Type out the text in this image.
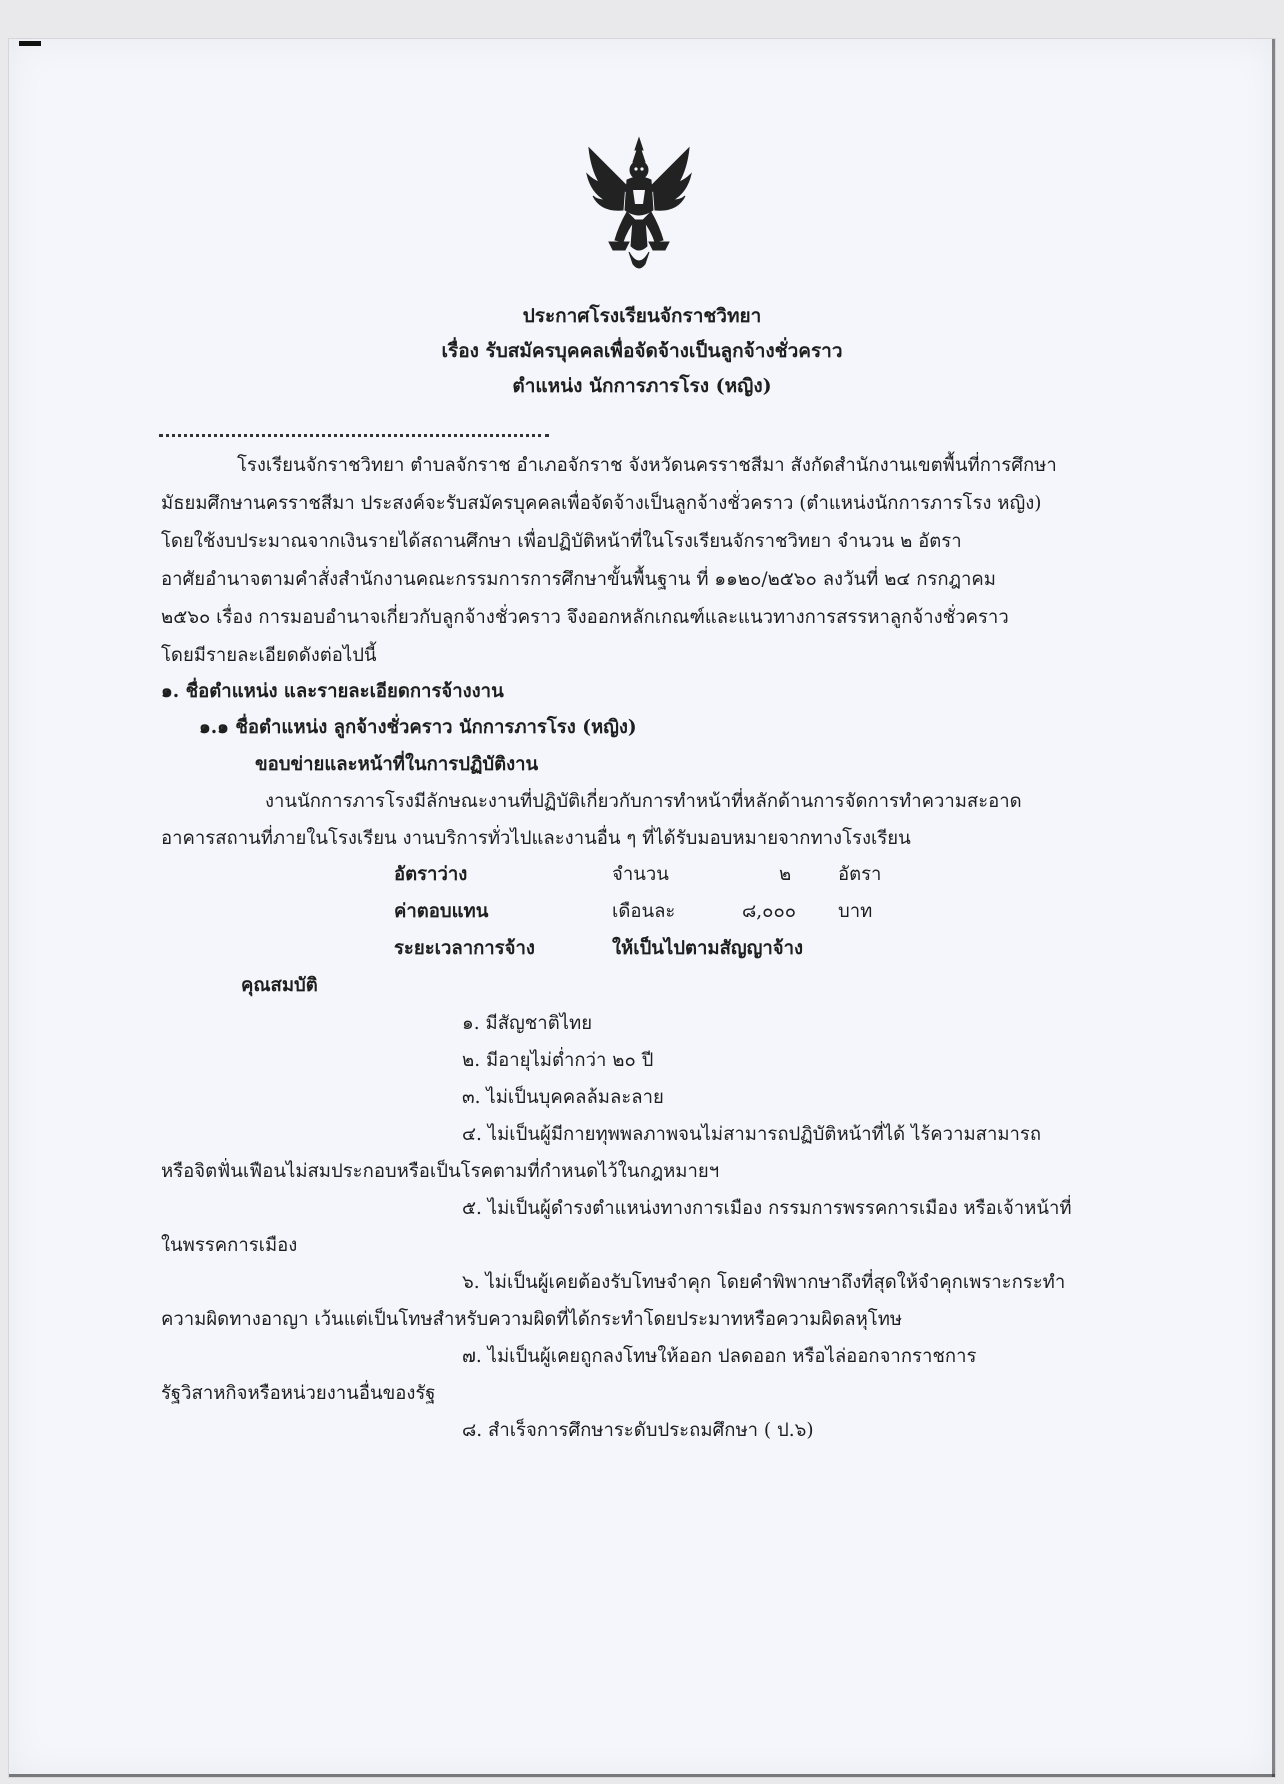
ประกาศโรงเรียนจักราชวิทยา
เรื่อง รับสมัครบุคคลเพื่อจัดจ้างเป็นลูกจ้างชั่วคราว
ตำแหน่ง นักการภารโรง (หญิง)
โรงเรียนจักราชวิทยา ตำบลจักราช อำเภอจักราช จังหวัดนครราชสีมา สังกัดสำนักงานเขตพื้นที่การศึกษา
มัธยมศึกษานครราชสีมา ประสงค์จะรับสมัครบุคคลเพื่อจัดจ้างเป็นลูกจ้างชั่วคราว (ตำแหน่งนักการภารโรง หญิง)
โดยใช้งบประมาณจากเงินรายได้สถานศึกษา เพื่อปฏิบัติหน้าที่ในโรงเรียนจักราชวิทยา จำนวน ๒ อัตรา
อาศัยอำนาจตามคำสั่งสำนักงานคณะกรรมการการศึกษาขั้นพื้นฐาน ที่ ๑๑๒๐/๒๕๖๐ ลงวันที่ ๒๔ กรกฎาคม
๒๕๖๐ เรื่อง การมอบอำนาจเกี่ยวกับลูกจ้างชั่วคราว จึงออกหลักเกณฑ์และแนวทางการสรรหาลูกจ้างชั่วคราว
โดยมีรายละเอียดดังต่อไปนี้
๑. ชื่อตำแหน่ง และรายละเอียดการจ้างงาน
๑.๑ ชื่อตำแหน่ง ลูกจ้างชั่วคราว นักการภารโรง (หญิง)
ขอบข่ายและหน้าที่ในการปฏิบัติงาน
งานนักการภารโรงมีลักษณะงานที่ปฏิบัติเกี่ยวกับการทำหน้าที่หลักด้านการจัดการทำความสะอาด
อาคารสถานที่ภายในโรงเรียน งานบริการทั่วไปและงานอื่น ๆ ที่ได้รับมอบหมายจากทางโรงเรียน
อัตราว่าง	จำนวน	๒	อัตรา
ค่าตอบแทน	เดือนละ	๘,๐๐๐ บาท
ระยะเวลาการจ้าง	ให้เป็นไปตามสัญญาจ้าง
คุณสมบัติ
๑. มีสัญชาติไทย
๒. มีอายุไม่ต่ำกว่า ๒๐ ปี
๓. ไม่เป็นบุคคลล้มละลาย
๔. ไม่เป็นผู้มีกายทุพพลภาพจนไม่สามารถปฏิบัติหน้าที่ได้ ไร้ความสามารถ
หรือจิตฟั่นเฟือนไม่สมประกอบหรือเป็นโรคตามที่กำหนดไว้ในกฎหมายฯ
๕. ไม่เป็นผู้ดำรงตำแหน่งทางการเมือง กรรมการพรรคการเมือง หรือเจ้าหน้าที่
ในพรรคการเมือง
๖. ไม่เป็นผู้เคยต้องรับโทษจำคุก โดยคำพิพากษาถึงที่สุดให้จำคุกเพราะกระทำ
ความผิดทางอาญา เว้นแต่เป็นโทษสำหรับความผิดที่ได้กระทำโดยประมาทหรือความผิดลหุโทษ
๗. ไม่เป็นผู้เคยถูกลงโทษให้ออก ปลดออก หรือไล่ออกจากราชการ
รัฐวิสาหกิจหรือหน่วยงานอื่นของรัฐ
๘. สำเร็จการศึกษาระดับประถมศึกษา ( ป.๖)
